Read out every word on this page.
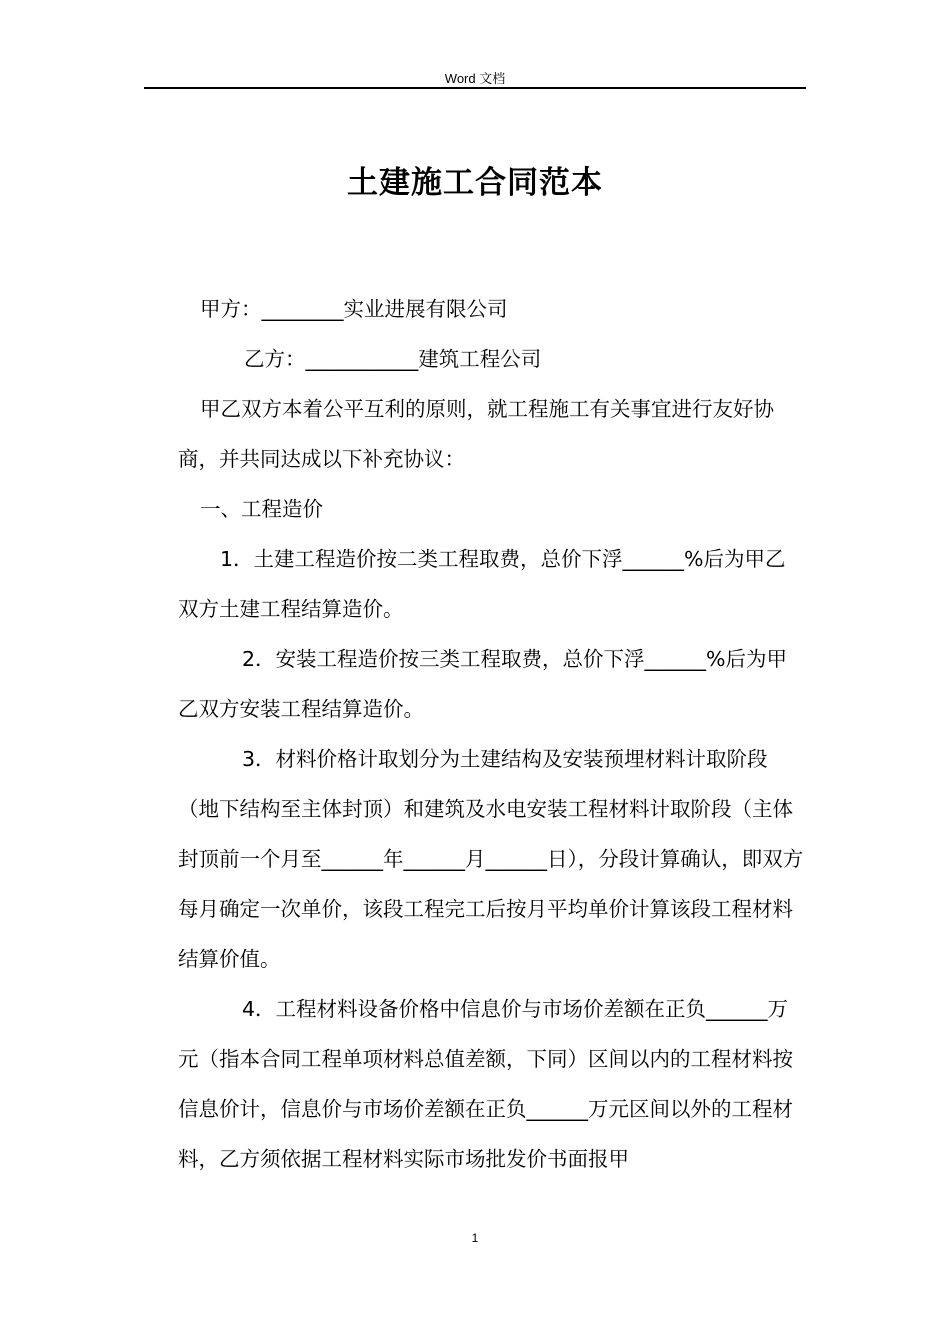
Word 文档
土建施工合同范本

甲方：________实业进展有限公司

乙方：___________建筑工程公司

甲乙双方本着公平互利的原则，就工程施工有关事宜进行友好协商，并共同达成以下补充协议：

一、工程造价

1．土建工程造价按二类工程取费，总价下浮______%后为甲乙双方土建工程结算造价。

2．安装工程造价按三类工程取费，总价下浮______%后为甲乙双方安装工程结算造价。

3．材料价格计取划分为土建结构及安装预埋材料计取阶段（地下结构至主体封顶）和建筑及水电安装工程材料计取阶段（主体封顶前一个月至______年______月______日），分段计算确认，即双方每月确定一次单价，该段工程完工后按月平均单价计算该段工程材料结算价值。

4．工程材料设备价格中信息价与市场价差额在正负______万元（指本合同工程单项材料总值差额，下同）区间以内的工程材料按信息价计，信息价与市场价差额在正负______万元区间以外的工程材料，乙方须依据工程材料实际市场批发价书面报甲

1
